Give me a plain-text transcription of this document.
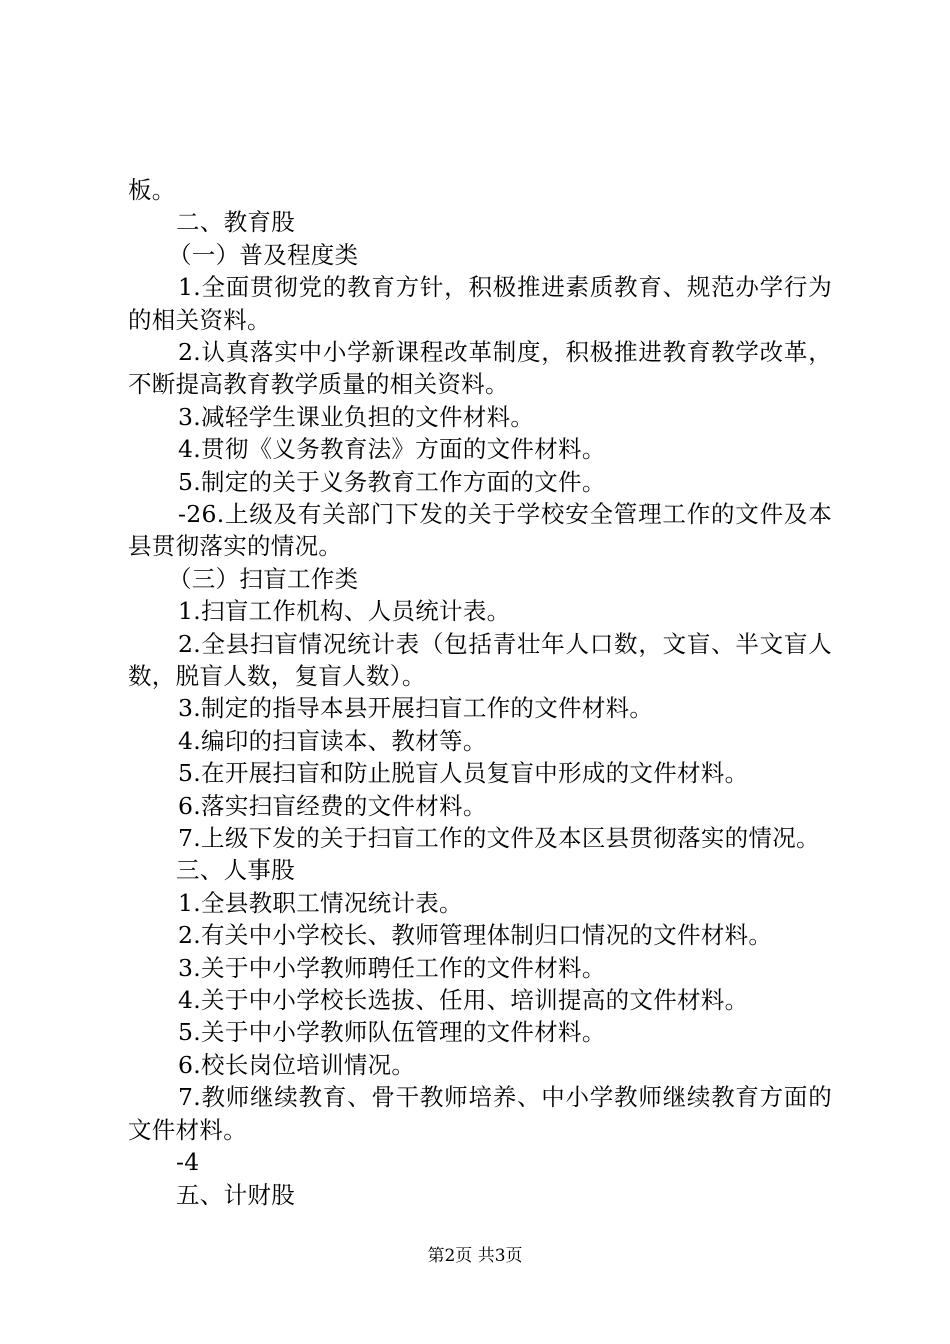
板。
二、教育股
（一）普及程度类
1.全面贯彻党的教育方针，积极推进素质教育、规范办学行为的相关资料。
2.认真落实中小学新课程改革制度，积极推进教育教学改革，不断提高教育教学质量的相关资料。
3.减轻学生课业负担的文件材料。
4.贯彻《义务教育法》方面的文件材料。
5.制定的关于义务教育工作方面的文件。
-26.上级及有关部门下发的关于学校安全管理工作的文件及本县贯彻落实的情况。
（三）扫盲工作类
1.扫盲工作机构、人员统计表。
2.全县扫盲情况统计表（包括青壮年人口数，文盲、半文盲人数，脱盲人数，复盲人数）。
3.制定的指导本县开展扫盲工作的文件材料。
4.编印的扫盲读本、教材等。
5.在开展扫盲和防止脱盲人员复盲中形成的文件材料。
6.落实扫盲经费的文件材料。
7.上级下发的关于扫盲工作的文件及本区县贯彻落实的情况。
三、人事股
1.全县教职工情况统计表。
2.有关中小学校长、教师管理体制归口情况的文件材料。
3.关于中小学教师聘任工作的文件材料。
4.关于中小学校长选拔、任用、培训提高的文件材料。
5.关于中小学教师队伍管理的文件材料。
6.校长岗位培训情况。
7.教师继续教育、骨干教师培养、中小学教师继续教育方面的文件材料。
-4
五、计财股
第2页 共3页
